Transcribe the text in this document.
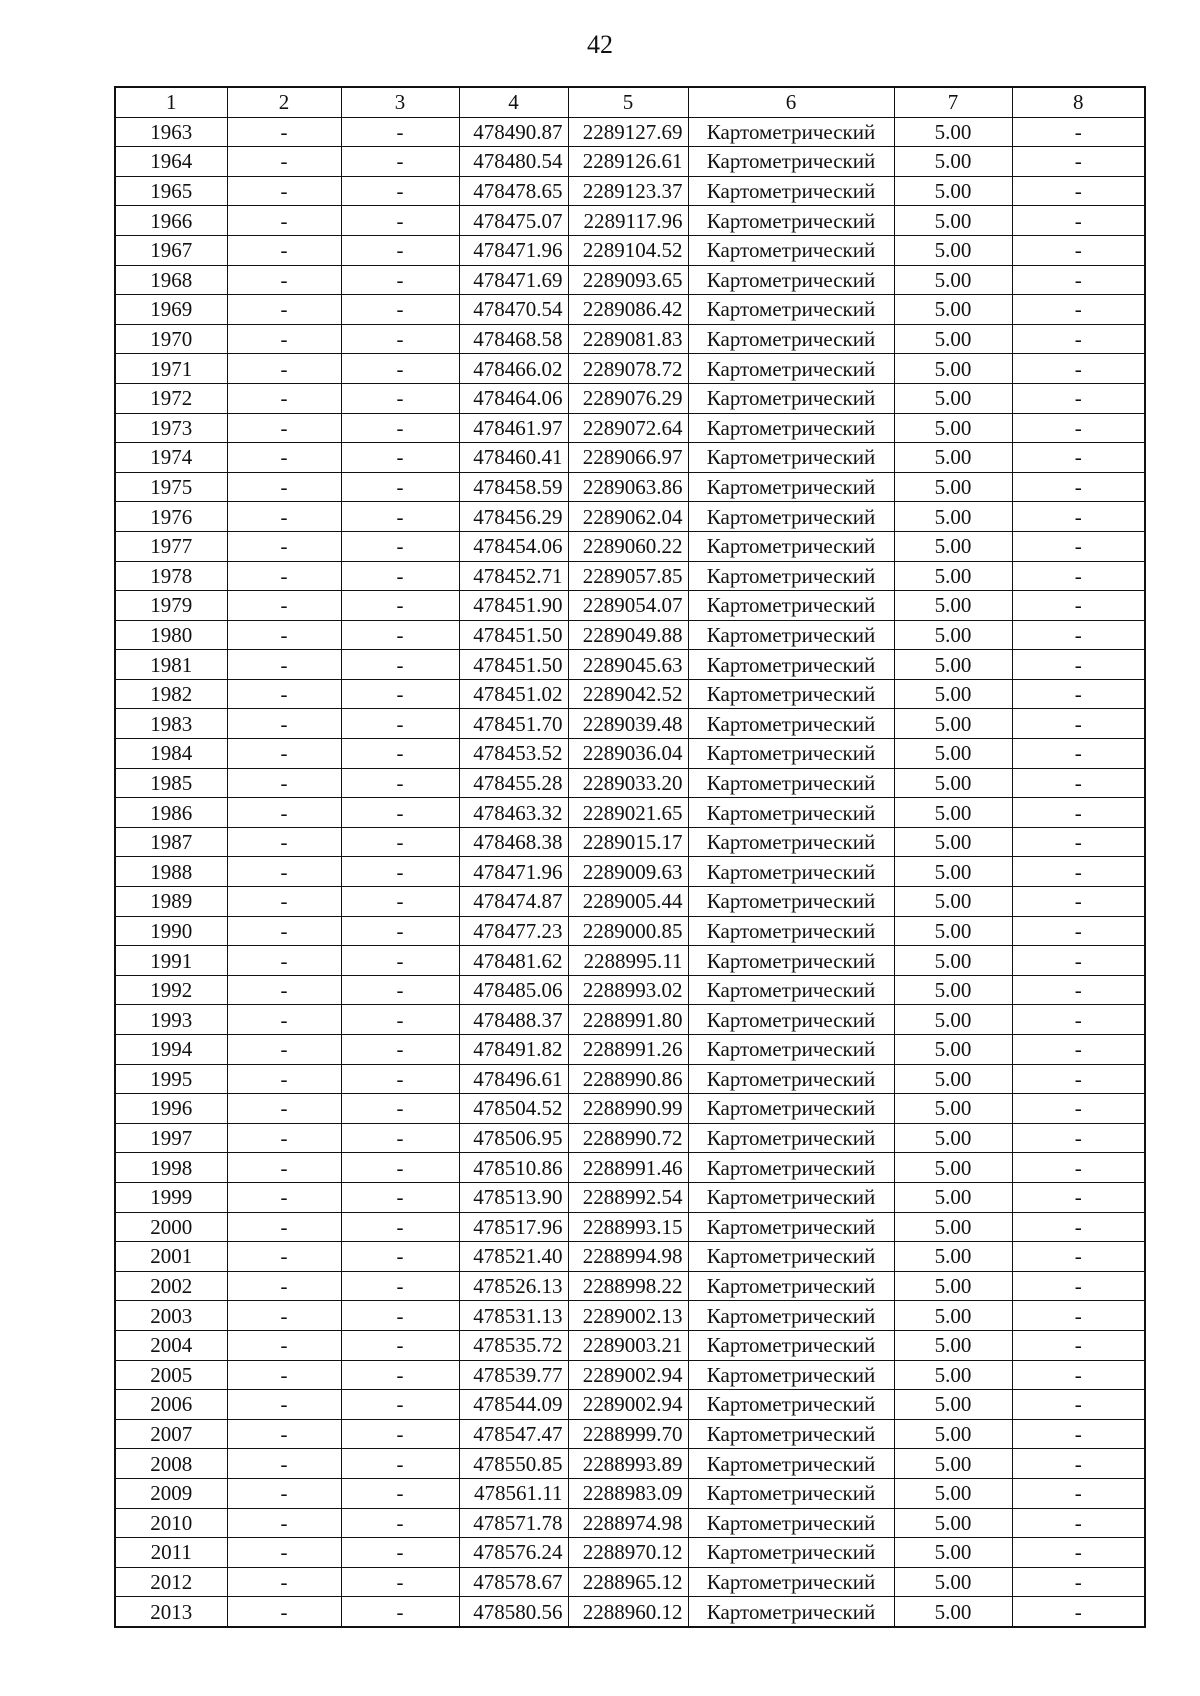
42
1	2	3	4	5	6	7	8
1963	-	-	478490.87	2289127.69	Картометрический	5.00	-
1964	-	-	478480.54	2289126.61	Картометрический	5.00	-
1965	-	-	478478.65	2289123.37	Картометрический	5.00	-
1966	-	-	478475.07	2289117.96	Картометрический	5.00	-
1967	-	-	478471.96	2289104.52	Картометрический	5.00	-
1968	-	-	478471.69	2289093.65	Картометрический	5.00	-
1969	-	-	478470.54	2289086.42	Картометрический	5.00	-
1970	-	-	478468.58	2289081.83	Картометрический	5.00	-
1971	-	-	478466.02	2289078.72	Картометрический	5.00	-
1972	-	-	478464.06	2289076.29	Картометрический	5.00	-
1973	-	-	478461.97	2289072.64	Картометрический	5.00	-
1974	-	-	478460.41	2289066.97	Картометрический	5.00	-
1975	-	-	478458.59	2289063.86	Картометрический	5.00	-
1976	-	-	478456.29	2289062.04	Картометрический	5.00	-
1977	-	-	478454.06	2289060.22	Картометрический	5.00	-
1978	-	-	478452.71	2289057.85	Картометрический	5.00	-
1979	-	-	478451.90	2289054.07	Картометрический	5.00	-
1980	-	-	478451.50	2289049.88	Картометрический	5.00	-
1981	-	-	478451.50	2289045.63	Картометрический	5.00	-
1982	-	-	478451.02	2289042.52	Картометрический	5.00	-
1983	-	-	478451.70	2289039.48	Картометрический	5.00	-
1984	-	-	478453.52	2289036.04	Картометрический	5.00	-
1985	-	-	478455.28	2289033.20	Картометрический	5.00	-
1986	-	-	478463.32	2289021.65	Картометрический	5.00	-
1987	-	-	478468.38	2289015.17	Картометрический	5.00	-
1988	-	-	478471.96	2289009.63	Картометрический	5.00	-
1989	-	-	478474.87	2289005.44	Картометрический	5.00	-
1990	-	-	478477.23	2289000.85	Картометрический	5.00	-
1991	-	-	478481.62	2288995.11	Картометрический	5.00	-
1992	-	-	478485.06	2288993.02	Картометрический	5.00	-
1993	-	-	478488.37	2288991.80	Картометрический	5.00	-
1994	-	-	478491.82	2288991.26	Картометрический	5.00	-
1995	-	-	478496.61	2288990.86	Картометрический	5.00	-
1996	-	-	478504.52	2288990.99	Картометрический	5.00	-
1997	-	-	478506.95	2288990.72	Картометрический	5.00	-
1998	-	-	478510.86	2288991.46	Картометрический	5.00	-
1999	-	-	478513.90	2288992.54	Картометрический	5.00	-
2000	-	-	478517.96	2288993.15	Картометрический	5.00	-
2001	-	-	478521.40	2288994.98	Картометрический	5.00	-
2002	-	-	478526.13	2288998.22	Картометрический	5.00	-
2003	-	-	478531.13	2289002.13	Картометрический	5.00	-
2004	-	-	478535.72	2289003.21	Картометрический	5.00	-
2005	-	-	478539.77	2289002.94	Картометрический	5.00	-
2006	-	-	478544.09	2289002.94	Картометрический	5.00	-
2007	-	-	478547.47	2288999.70	Картометрический	5.00	-
2008	-	-	478550.85	2288993.89	Картометрический	5.00	-
2009	-	-	478561.11	2288983.09	Картометрический	5.00	-
2010	-	-	478571.78	2288974.98	Картометрический	5.00	-
2011	-	-	478576.24	2288970.12	Картометрический	5.00	-
2012	-	-	478578.67	2288965.12	Картометрический	5.00	-
2013	-	-	478580.56	2288960.12	Картометрический	5.00	-
